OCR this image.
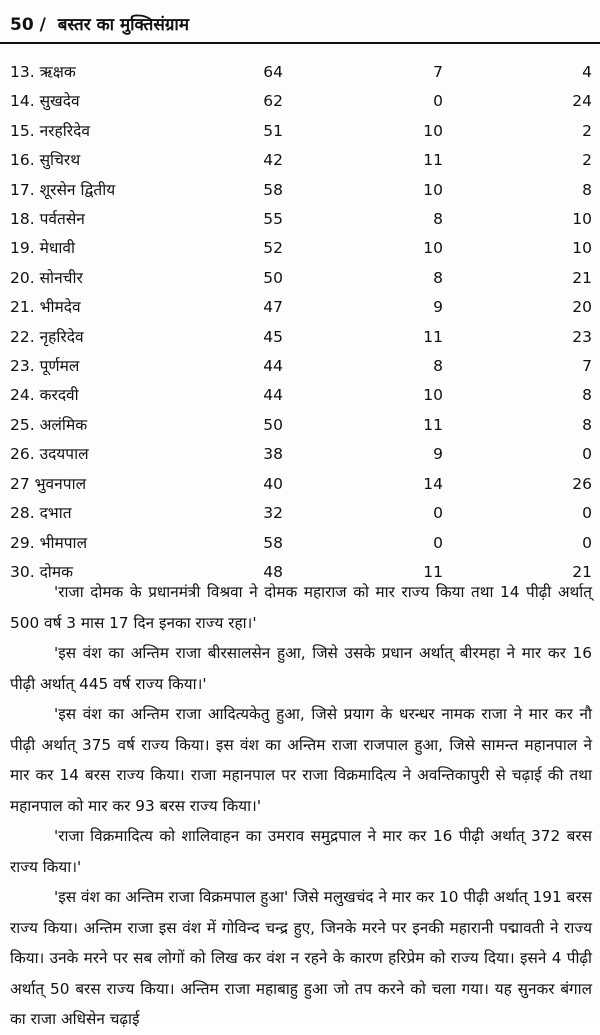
50 / बस्तर का मुक्तिसंग्राम
13. ऋक्षक	64	7	4
14. सुखदेव	62	0	24
15. नरहरिदेव	51	10	2
16. सुचिरथ	42	11	2
17. शूरसेन द्वितीय	58	10	8
18. पर्वतसेन	55	8	10
19. मेधावी	52	10	10
20. सोनचीर	50	8	21
21. भीमदेव	47	9	20
22. नृहरिदेव	45	11	23
23. पूर्णमल	44	8	7
24. करदवी	44	10	8
25. अलंमिक	50	11	8
26. उदयपाल	38	9	0
27 भुवनपाल	40	14	26
28. दभात	32	0	0
29. भीमपाल	58	0	0
30. दोमक	48	11	21

'राजा दोमक के प्रधानमंत्री विश्रवा ने दोमक महाराज को मार राज्य किया तथा 14 पीढ़ी अर्थात् 500 वर्ष 3 मास 17 दिन इनका राज्य रहा।'

'इस वंश का अन्तिम राजा बीरसालसेन हुआ, जिसे उसके प्रधान अर्थात् बीरमहा ने मार कर 16 पीढ़ी अर्थात् 445 वर्ष राज्य किया।'

'इस वंश का अन्तिम राजा आदित्यकेतु हुआ, जिसे प्रयाग के धरन्धर नामक राजा ने मार कर नौ पीढ़ी अर्थात् 375 वर्ष राज्य किया। इस वंश का अन्तिम राजा राजपाल हुआ, जिसे सामन्त महानपाल ने मार कर 14 बरस राज्य किया। राजा महानपाल पर राजा विक्रमादित्य ने अवन्तिकापुरी से चढ़ाई की तथा महानपाल को मार कर 93 बरस राज्य किया।'

'राजा विक्रमादित्य को शालिवाहन का उमराव समुद्रपाल ने मार कर 16 पीढ़ी अर्थात् 372 बरस राज्य किया।'

'इस वंश का अन्तिम राजा विक्रमपाल हुआ' जिसे मलुखचंद ने मार कर 10 पीढ़ी अर्थात् 191 बरस राज्य किया। अन्तिम राजा इस वंश में गोविन्द चन्द्र हुए, जिनके मरने पर इनकी महारानी पद्मावती ने राज्य किया। उनके मरने पर सब लोगों को लिख कर वंश न रहने के कारण हरिप्रेम को राज्य दिया। इसने 4 पीढ़ी अर्थात् 50 बरस राज्य किया। अन्तिम राजा महाबाहु हुआ जो तप करने को चला गया। यह सुनकर बंगाल का राजा अधिसेन चढ़ाई
